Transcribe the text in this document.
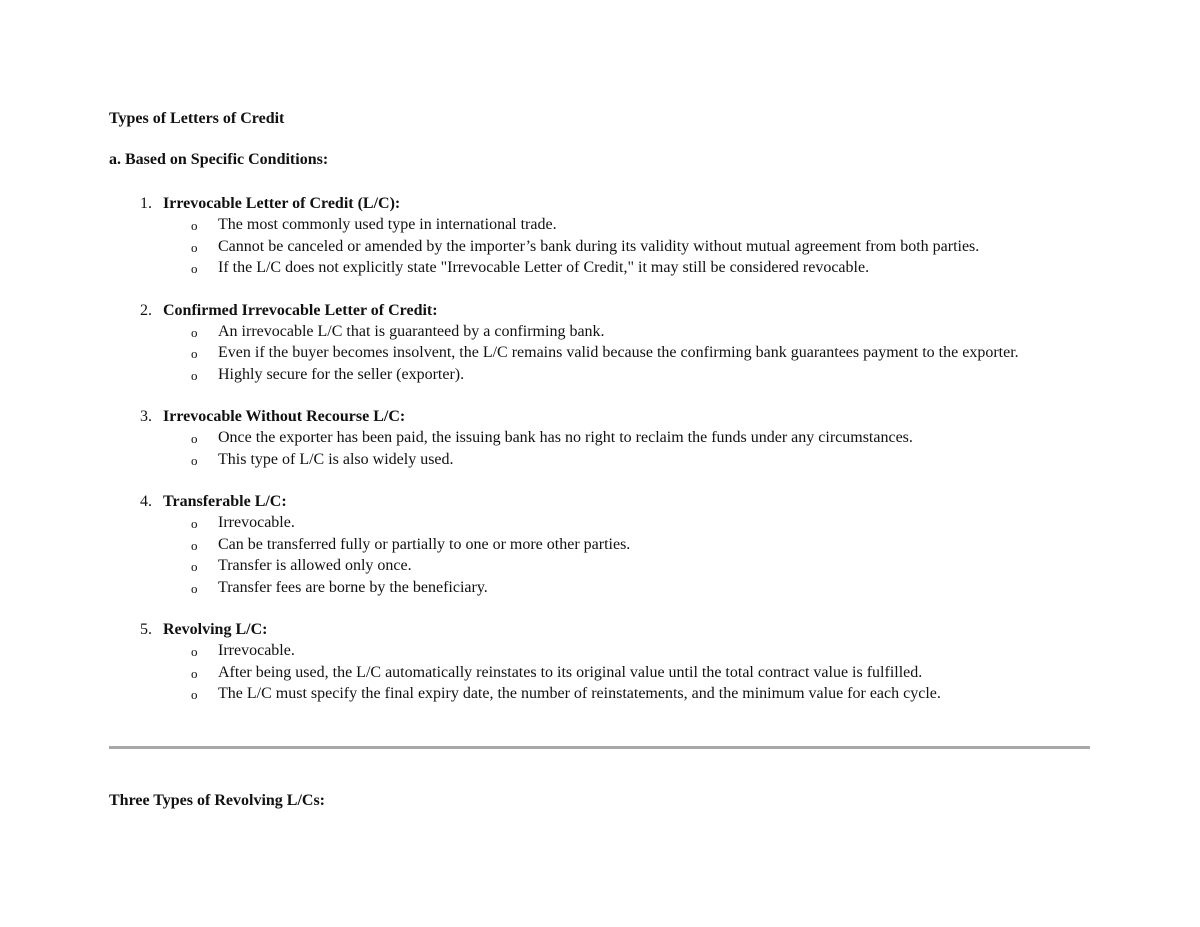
Types of Letters of Credit

a. Based on Specific Conditions:

1. Irrevocable Letter of Credit (L/C):
o The most commonly used type in international trade.
o Cannot be canceled or amended by the importer’s bank during its validity without mutual agreement from both parties.
o If the L/C does not explicitly state "Irrevocable Letter of Credit," it may still be considered revocable.
2. Confirmed Irrevocable Letter of Credit:
o An irrevocable L/C that is guaranteed by a confirming bank.
o Even if the buyer becomes insolvent, the L/C remains valid because the confirming bank guarantees payment to the exporter.
o Highly secure for the seller (exporter).
3. Irrevocable Without Recourse L/C:
o Once the exporter has been paid, the issuing bank has no right to reclaim the funds under any circumstances.
o This type of L/C is also widely used.
4. Transferable L/C:
o Irrevocable.
o Can be transferred fully or partially to one or more other parties.
o Transfer is allowed only once.
o Transfer fees are borne by the beneficiary.
5. Revolving L/C:
o Irrevocable.
o After being used, the L/C automatically reinstates to its original value until the total contract value is fulfilled.
o The L/C must specify the final expiry date, the number of reinstatements, and the minimum value for each cycle.

Three Types of Revolving L/Cs:
